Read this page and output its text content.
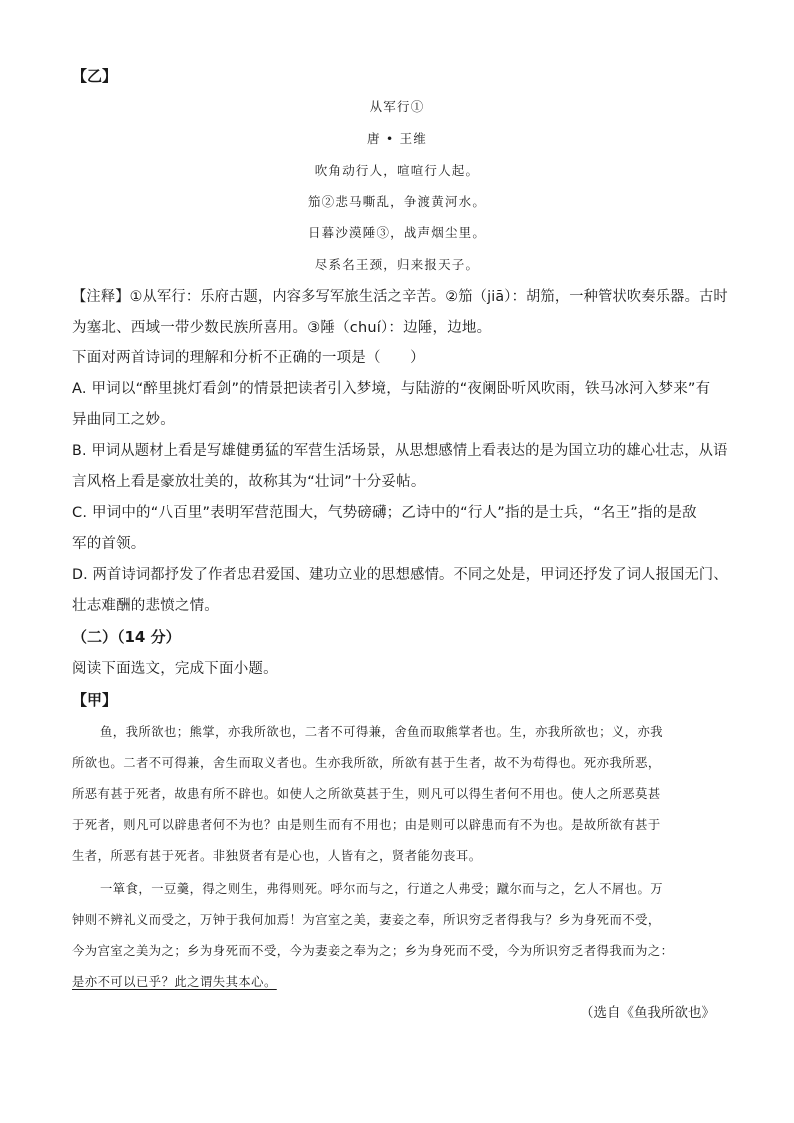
【乙】
从军行①
唐 • 王维
吹角动行人，喧喧行人起。
笳②悲马嘶乱，争渡黄河水。
日暮沙漠陲③，战声烟尘里。
尽系名王颈，归来报天子。
【注释】①从军行：乐府古题，内容多写军旅生活之辛苦。②笳（jiā）：胡笳，一种管状吹奏乐器。古时
为塞北、西域一带少数民族所喜用。③陲（chuí）：边陲，边地。
下面对两首诗词的理解和分析不正确的一项是（　　）
A. 甲词以“醉里挑灯看剑”的情景把读者引入梦境，与陆游的“夜阑卧听风吹雨，铁马冰河入梦来”有
异曲同工之妙。
B. 甲词从题材上看是写雄健勇猛的军营生活场景，从思想感情上看表达的是为国立功的雄心壮志，从语
言风格上看是豪放壮美的，故称其为“壮词”十分妥帖。
C. 甲词中的“八百里”表明军营范围大，气势磅礴；乙诗中的“行人”指的是士兵，“名王”指的是敌
军的首领。
D. 两首诗词都抒发了作者忠君爱国、建功立业的思想感情。不同之处是，甲词还抒发了词人报国无门、
壮志难酬的悲愤之情。
（二）（14 分）
阅读下面选文，完成下面小题。
【甲】
鱼，我所欲也；熊掌，亦我所欲也，二者不可得兼，舍鱼而取熊掌者也。生，亦我所欲也；义，亦我
所欲也。二者不可得兼，舍生而取义者也。生亦我所欲，所欲有甚于生者，故不为苟得也。死亦我所恶，
所恶有甚于死者，故患有所不辟也。如使人之所欲莫甚于生，则凡可以得生者何不用也。使人之所恶莫甚
于死者，则凡可以辟患者何不为也？由是则生而有不用也；由是则可以辟患而有不为也。是故所欲有甚于
生者，所恶有甚于死者。非独贤者有是心也，人皆有之，贤者能勿丧耳。
一箪食，一豆羹，得之则生，弗得则死。呼尔而与之，行道之人弗受；蹴尔而与之，乞人不屑也。万
钟则不辨礼义而受之，万钟于我何加焉！为宫室之美，妻妾之奉，所识穷乏者得我与？乡为身死而不受，
今为宫室之美为之；乡为身死而不受，今为妻妾之奉为之；乡为身死而不受，今为所识穷乏者得我而为之：
是亦不可以已乎？此之谓失其本心。
（选自《鱼我所欲也》
